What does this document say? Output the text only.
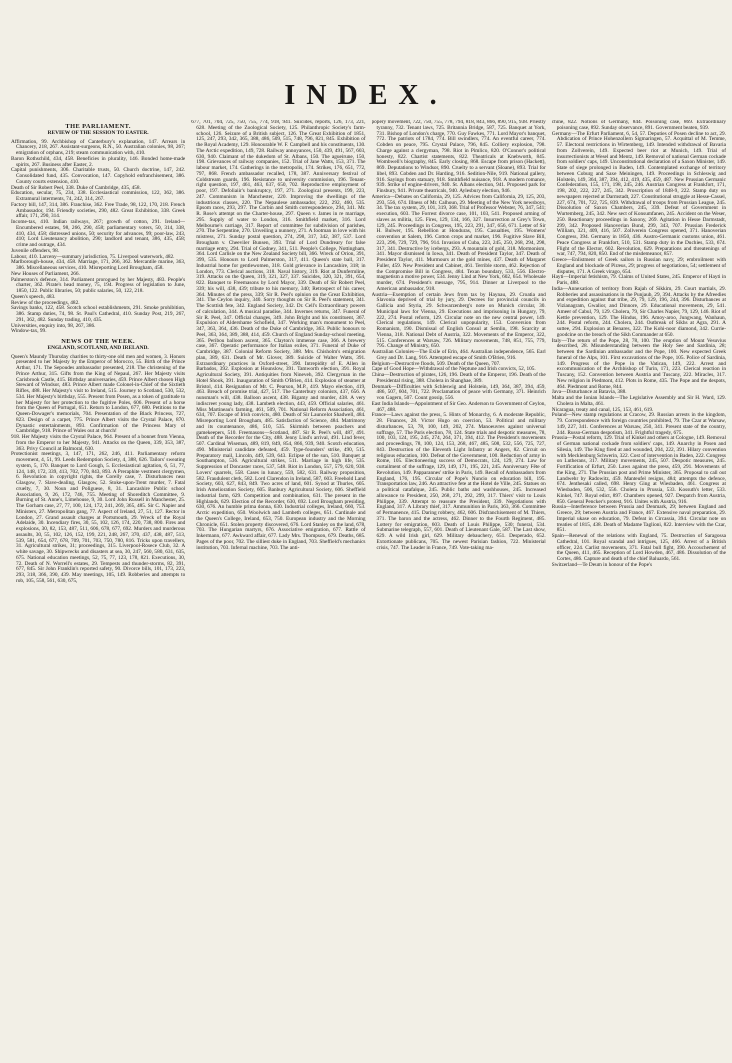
INDEX.
THE PARLIAMENT.
REVIEW OF THE SESSION TO EASTER.

Affirmation, 99. Archbishop of Canterbury's explanation, 147. Arrears in Chancery, 218, 267. Assistant-surgeons, R.N., 50. Australian colonies, 98, 267; emigration of orphans, 219; steam communication with, 410.

Baron Rothschild, 434, 458. Beneficies in plurality, 146. Bonded home-made spirits, 267. Business after Easter, 2.

Capital punishments, 306. Charitable trusts, 50. Church doctrine, 147, 242. Consolidated fund, 435. Convocation, 147. Copyhold enfranchisement, 386. County courts extension, 410.

Death of Sir Robert Peel, 338. Duke of Cambridge, 435, 458.

Education, secular, 75, 234, 338. Ecclesiastical commission, 122, 362, 386. Extramural interments, 74, 242, 314, 267.

Factory bill, 147, 314, 386. Franchise, 362. Free Trade, 98, 122, 170, 218. French Ambassador, 194. Friendly societies, 290, 482. Great Exhibition, 338. Greek affair, 171, 290, 314.

Income-tax, 410. Indian railways, 267; growth of cotton, 291. Ireland—Encumbered estates, 98, 266, 290, 458; parliamentary voters, 50, 314, 338, 410, 434, 458; distressed unions, 50; security for advances, 99; poor-law, 243, 410; Lord Lieutenancy abolition, 290; landlord and tenant, 386, 435, 458; crime and outrage, 434.

Juvenile offenders, 98.

Labour, 410. Larceny—summary jurisdiction, 75. Liverpool waterwork, 482.

Marlborough-house, 434, 458. Marriage, 171, 266, 362. Mercantile marine, 363, 386. Miscellaneous services, 410. Misreporting Lord Brougham, 458.

New Houses of Parliament, 266.

Palmerston's defence, 314. Parliament prorogued by her Majesty, 483. People's charter, 362. Pirate's head money, 75, 194. Progress of legislation to June, 1850, 122. Public libraries, 50; public salaries, 50, 122, 218.

Queen's speech, 483.

Review of the proceedings, 482.

Savings banks, 122, 458. Scotch school establishments, 291. Smoke prohibition, 386. Stamp duties, 74, 98. St. Paul's Cathedral, 410. Sunday Post, 219, 267, 291, 362, 482. Sunday trading, 410, 435.

Universities, enquiry into, 98, 267, 386.

Window-tax, 99.

NEWS OF THE WEEK.
ENGLAND, SCOTLAND, AND IRELAND.

Queen's Maundy Thursday charities to thirty-one old men and women, 3. Honors presented to her Majesty by the Emperor of Morocco, 55. Birth of the Prince Arthur, 171. The Sepoudes ambassador presented, 218. The christening of the Prince Arthur, 315. Gifts from the King of Nepaul, 267. Her Majesty visits Carisbrook Castle, 415. Birthday anniversaries, 459. Prince Albert chosen High Steward of Windsor, 483. Prince Albert made Colonel-in-Chief of the Sixtieth Rifles, 488. Her Majesty's visit to Ireland, 515. Journey to Scotland, 530, 532, 534. Her Majesty's birthday, 555. Present from Posen, as a token of gratitude to her Majesty for her protection to the fugitive Poles, 606. Present of a horse from the Queen of Portugal, 651. Return to London, 677, 680. Petitions to the Queen-Dowager's memorials, 704. Presentation of the Black Princess, 727, 823. Design of a carpet, 775. Prince Albert visits the Crystal Palace, 870. Dynastic entertainments, 893. Confirmation of the Princess Mary of Cambridge, 918. Prince of Wales out at church!

918. Her Majesty visits the Crystal Palace, 964. Present of a bonnet from Vienna, from the Emperor to her Majesty, 941. Attacks on the Queen, 339, 353, 387, 363. Privy Council at Balmoral, 630.

Protectionist meetings, 3, 147, 171, 262, 246, 411. Parliamentary reform movement, 4, 51, 99. Leeds Redemption Society, 4, 388, 626. Tailors' sweating system, 5, 170. Banquet to Lord Gough, 5. Ecclesiastical agitation, 6, 51, 77, 124, 148, 172, 339, 413, 702, 770, 843, 893. A Preraphite vestment clergymen, 6. Revolution in copyright rights, the Corelly case, 7. Disturbances near Glasgow, 7. Slave-dealing, Glasgow, 52. Stoke-upon-Trent murder, 7. Fatal cruelty, 7, 30. Noun and Poliguese, 8, 31. Lancashire Public school Association, 9, 26, 172, 746, 755. Meeting of Shoreditch Committee, 9. Burning of St. Anne's, Limehouse, 9, 30. Lord John Russell in Manchester, 25. The Gorham case, 27, 77, 100, 124, 172, 241, 269, 365, 485. Sir C. Napier and Ministers, 27. Metropolitan gang, 77. Aspect of Ireland, 27, 51, 127. Rector in London, 27. Grand assault charges at Portsmouth, 29. Wreck of the Royal Adelaide, 30. Incendiary fires, 30, 55, 102, 126, 174, 220, 738, 800. Fires and explosions, 30, 82, 153, 487, 511, 606, 678, 677, 692. Murders and murderous assaults, 30, 55, 102, 126, 152, 199, 221, 248, 267, 370, 437, 438, 487, 513, 539, 581, 654, 677, 678, 709, 701, 703, 750, 780, 816. Tricks upon travellers, 31. Agricultural strikes, 31; proceedings, 315. Liverpool-Rosece Club, 32. A white savage, 30. Shipwrecks and disasters at sea, 30, 247, 560, 580, 631, 635, 675. National education meetings, 52, 75, 77, 123, 178, 821. Executions, 30, 72. Death of N. Worrell's estates, 29. Tempests and thunder-storms, 82, 391, 677, 845. Sir John Franklin's reported safety, 90. Divorce bills, 101, 173, 223, 293, 318, 366, 390, 439. May meetings, 105, 149. Robberies and attempts to rob, 105, 558, 561, 630, 675,

677, 701, 704, 725, 750, 755, 774, 918, 941. Suicides, reports, 126, 173, 221, 628. Meeting of the Zoological Society, 125. Philanthropic Society's farm-school, 126. Seizure of a British subject, 126. The Great Exhibition of 1851, 125, 247, 293, 342, 365, 388, 486, 509, 515, 748, 796, 821, 845. Exhibition of the Royal Academy, 129. Honourable W. F. Campbell and his constituents, 130. The Arctic expedition, 149, 728. Railway annoyances, 150, 439, 491, 567, 603, 630, 940. Claimant of the dukedom of St. Albans, 150. The agueirune, 150, 198. Grievances of railway companies, 152. Trial of Jane Watts, 153, 371. The labour market, 174. Gatherings in the metropolis, 174. Strikes, 176, 651, 772, 797, 868. French ambassador recalled, 178, 387. Anniversary festival of Coldstream guards, 196. Resistance to university commission, 196. Tenant-right question, 197, 461, 463, 637, 650, 702. Reproductive employment of poor, 197. Defoliaiir's bankruptcy, 197, 271. Zoological presents, 199, 223, 247. Communism in Manchester, 220. Improving the dwellings of the industrious classes, 220. The Nepaulese ambassador, 222, 292, 460, 535. Epsom races, 293, 297. The Corbin and Smith correspondence, 294, 341. Mr. R. Rose's attempt on the Charter-house, 297. Queen v. James in re marriage, 295. Supply of water to London, 316. Smithfield market, 316. Lord Melbourne's carriage, 317. Report of committee for subdivision of parishes, 270. The Serpentine, 270. Unveiling a nunnery, 271. A footman in love with his mistress, 271. Sunday postal question, 274, 298, 317, 342, 387, 537. Lord Brougham v. Cheeviler Bunsen, 393. Trial of Lord Dundreary for false marriage entry, 294. Trial of Godney, 341, 511. People's College, Nottingham, 364. Lord Carlisle on the New Zealand Society bill, 366. Wreck of Orion, 391, 399, 535. Honours to Lord Palmerston, 317, 411. Queen's state ball, 317. Industrial home for gentlewomen, 318. Gold grievance in Lancashire, 318; in London, 773. Clerical auctions, 318. Naval history, 319. Riot at Dunfermline, 319. Attacks on the Queen, 319, 321, 327, 337. Suicides, 320, 321, 391, 654, 822. Banquet to Freemasons by Lord Mayor, 339. Death of Sir Robert Peel, 339; his will, 438, 439; tribute to his memory, 340; Retrospect of his career, 364. Minutes of the press, 339; Sir R. Peel's opinion on the Great Exhibition, 341. The Ceylon inquiry, 340. Sorry thoughts on Sir R. Peel's statement, 341. The Scottish fete, 342. England Society, 342. Dr. Cell's Extraordinary powers of calculation, 344. A musical paradise, 344. Invernes returns, 347. Funeral of Sir R. Peel, 347. Official changes, 349. John Bright and his constituent, 367. Expulsion of Aldershame Schofield, 347. Working man's monument to Peel, 347, 363, 364, 436. Death of the Duke of Cambridge, 363. Public honours to Peel, 363, 364, 389, 388, 414, 459. Church of England Sunday-school meeting, 365. Peribou balloon ascent, 365. Clayton's immense case, 366. A brewery case, 367. Operatic performance for Italian exiles, 371. Funeral of Duke of Cambridge, 387. Colonial Reform Society, 388. Mrs. Chisholm's emigration plan, 389, 631. Death of Mr. Glover, 389. Suicide of Walter Watts, 391. Extraordinary practices in Oxford-street, 390. Intrepidity of E. Allen in Barbados, 392. Explosion at Hounslow, 391. Tamworth election, 391. Royal Agricultural Society, 391. Antiquities from Nineveh, 392. Clergyman in the Hotel Shook, 391. Inauguration of Smith O'Brien, 414. Explosion of steamer at Bristol, 414. Resignation of Mr. C. Pearson, M.P., 419. Mayo election, 419, 463. Breach of promise trial, 427, 517. The Canterbury colonists, 437, 656. A nunsman's will, 438. Balloon ascent, 438. Bigamy and murder, 438. A very indiscreet young lady, 438. Lambeth election, 443, 459. Official salaries, 461. Miss Martineau's farming, 461, 509, 701. National Reform Association, 461, 634, 707. Escape of Irish convicts, 480. Death of Sir Launcelot Shadwell, 484. Misreporting Lord Brougham, 485. Satisfaction of Science, 484. Matrimony and its countenance, 486, 510, 535. Skirmish between poachers and gamekeepers, 510. Freemasons—Scotland, 487. Sir R. Peel's will, 487, 491. Death of the Recorder for the City, 488. Jenny Lind's arrival, 491. Lind fever, 507. Cardinal Wiseman, 489, 819, 849, 854, 866, 939, 940. Scotch education, 490. Ministerial candidate defeated, 459. Type-founders' strike, 490, 515. Preparatory mail, Lincoln, 449, 539, 643. Eclipse of the sun, 510. Banquet at Southampton, 536. Agricultural strikes, 511. Marriage in high life, 535. Suppression of Doncaster races, 537, 548. Riot in London, 557, 579, 620, 938. Lovers' quarrels, 558. Cases in lunacy, 559, 582, 631. Railway proposition, 582. Fraudulent clerk, 582. Lord Clarendon in Ireland, 587, 603. Freehold Land Society, 603, 627, 843, 849. Two acres of land, 601. Synod at Thurles, 605. Irish Amelioration Society, 605. Banbury Agricultural Society, 606. Sheffield industrial farm, 629. Competition and combination, 631. The present in the Highlands, 629. Election of the Recorder, 630, 692. Lord Brougham presiding, 630, 676. An humble prima donna, 630. Industrial colleges, Ireland, 660, 753. Arctic expedition, 650. Woolwich and Lambeth colleges, 651. Cardinale and the Queen's College, Ireland, 653, 750. European industry and the Morning Chronicle, 651. Stolen property discovered, 676. Lord Stanley on the land, 678, 703. The Hungarian martyrs, 676. Associative emigration, 677. Rattle of Inkermann, 677. Awkward affair, 677. Lady Mrs. Thompson, 679. Deaths, 685. Pages of the poor, 702. The silliest duke in England, 703. Sheffield's mechanics institution, 703. Infernal machine, 703. The anti-

popery movement, 722, 750, 755, 778, 794, 818, 843, 866, 890, 915, 938. Priestly tyranny, 732. Tenant laws, 725. Britannia Bridge, 587, 725. Banquet at York, 731. Bishop of London's charge, 770. Guy Fawkes, 771. Lord Mayor's banquet, 772. The patriots of 1784, 774. Bill swindlers, 774. An eventful career, 774. Cobden on peace, 795. Crystal Palace, 796, 845. Colliery explosion, 798. Charge against a clergyman, 798. Riot in Pimlico, 820. O'Connor's political honesty, 822. Chartist statements, 822. Theatricals at Knebworth, 845. Wombwell's biography, 845. Early closing, 868. Escape from prison (Hackett), 869. Deputations to Windsor, 890. Cruelty to a servant (Sloane), 893. Trial for libel, 893. Cobden and Dr. Harding, 916. Sedition-Nile, 919. National gallery, 916. Sayings from statuary, 918. Smithfield nuisance, 918. A modern romance, 939. Strike of engine-drivers, 940. St. Albans election, 941. Proposed park for Finsbury, 941. Private theatricals, 940. Aylesbury election, 946.

America—Debates on California, 29, 125. Advices from California, 29, 125, 203, 293, 556, 674. Illness of Mr. Calhoun, 29. Meeting of the New York newsboys, 34. The tax system, 29, 101, 319, 368. Trial of Professor Webster, 76, 347, 541; execution, 603. The Forrest divorce case, 101, 103, 541. Proposed arming of slaves as militia, 125. Fires, 129, 134, 166, 327. Insurrection at Grey's Town, 129, 245. Proceedings in Congress, 195, 223, 291, 347, 656, 671. Letter of Sir H. Bulwer, 195. Rebellion at Honduras, 195. Casualties, 195. Womens' convention at Salem, 196. Cotton crops and market, 196. Fugitive Slave Bill, 223, 296, 729, 729, 796, 914. Invasion of Cuba, 223, 245, 250, 268, 294, 298, 317, 341. Destructive by icebergs, 293. A mountain of gold, 318. Mormonism, 341. Mayor dismissed in Iowa, 341. Death of President Taylor, 347. Death of President Taylor, 411. Murmours at the gold mines, 437. Death of Margaret Fuller, 459. New President and Cabinet, 461. Terrible storm, 462. Rejection of the Compromise Bill in Congress, 484. Texan boundary, 533, 556. Electro-magnetism a motive power, 534. Jenny Lind at New York, 602, 654. Wholesale murder, 674. President's message, 795, 914. Dinner at Liverpool to the American ambassador, 918.

Austria—Exemption of certain Jews from tax by Haynau, 29. Croatia and Slavonia deprived of trial by jury, 29. Decrees for provincial councils in Gallicia and Styria, 29. Schwarzenberg's note on Munich circular, 30. Municipal laws for Vienna, 29. Executions and imprisoning in Hungary, 79, 222, 274. Postal reform, 129. Circular note on the new central power, 149. Clerical regulations, 149. Clerical unpopularity, 153. Conversion from Romanism, 190. Dismissal of English Consul at Semlin, 198. Scarcity at Vienna, 318. National Debt of Austria, 322. Movements of the Emperor, 322, 515. Conferences at Warsaw, 726. Military movements, 748, 851, 755, 779, 795. Change of Ministry, 650.

Australian Colonies—The Exile of Erin, 464. Australian independence, 565. Earl Grey and Dr. Lang, 916. Attempted escape of Smith O'Brien, 916.

Belgium—Destructive floods, 509. Death of the Queen, 707.

Cape of Good Hope—Withdrawal of the Neptune and Irish convicts, 52, 105.

China—Destruction of pirates, 126, 196. Death of the Emperor, 196. Death of the Presidental rising, 388. Cholera in Shanghae, 389.

Denmark—Difficulties with Schleswig and Holstein, 149, 364, 387, 394, 459, 486, 507, 604, 701, 722. Proclamation of peace with Germany, 371. Heinrich von Gagern, 507. Count gossip, 556.

East India Islands—Appointment of Sir Geo. Anderson to Government of Ceylon, 467, 488.

France—Laws against the press, 5. Hints of Monarchy, 6. A moderate Republic, 28. Finances, 28. Victor Hugo on coercion, 53. Political and military disturbances, 53, 78, 100, 149, 202, 274. Manoeuvres against universal suffrage, 57. The Paris election, 78, 124. State trials and despotic measures, 78, 100, 103, 124, 195, 245, 274, 264, 371, 394, 412. The President's movements and proceedings, 78, 100, 124, 153, 268, 467, 485, 508, 532, 556, 725, 727, 843. Destruction of the Eleventh Light Infantry at Angers, 82. Circuit on religious education, 100. Defeat of the Government, 100. Reduction of army in Rome, 105. Electioneering success of Democrats, 124, 129, 274. Law for curtailment of the suffrage, 129, 149, 171, 195, 221, 245. Anniversary Fête of Revolution, 149. Papparannes' strike in Paris, 149. Recall of Ambassadors from England, 176, 195. Circular of Pope's Nuncio on education bill, 195. Transportation law, 246. An attractive fete at the Hotel de Ville, 245. Statues on a political catafalque, 245. Public baths and washhouses, 245. Increased allowance to President, 250, 268, 271, 292, 299, 317. Thiers' visit to Louis Philippe, 339. Attempt to reassure the President, 339. Negotiations with England, 317. A Library thief, 317. Ammunition in Paris, 363, 366. Committee of Permanence, 415. Daring robbery, 462, 606. Disfranchisement of M. Thiers, 371. The baron and the actress, 462. Dinner to the Fourth Regiment, 485. Lottery for emigration, 603. Death of Louis Philippe, 530; funeral, 534. Submarine telegraph, 557, 601. Death of Lieutenant Gale, 587. The Last show, 629. A wild Irish girl, 629. Military debauchery, 651. Desperado, 652. Extortionate publicans, 705. The newest Parisian fashion, 722. Ministerial crisis, 747. The Leader in France, 749. Vote-taking ma-

chine, 822. Notions of Germany, 844. Poisoning case, 869. Extraordinary poisoning case, 892. Sunday observance, 891. Government beaten, 939.

Germany—The Erfurt Parliament, 6, 54, 57. Deputies of Posen decline to act, 29. Abdication of Prince Hohenzollern Sigmaringen, 57. Acquittal of M. Temme, 57. Electoral restrictions in Wirtemberg, 149. Intended withdrawal of Bavaria from Zollverein, 149. Expected beer riot at Munich, 149. Trial of insurrectionists at Wesel and Mentz, 149. Removal of national German cockade from soldiers' caps, 149. Unconstitutional declaration of a Saxon Minister, 149. State of siege prolonged in Baden, 149. Contemplated exchange of territory between Coburg and Saxe Meiningen, 149. Proceedings in Schleswig and Holstein, 149, 364, 387, 394, 412, 419, 435, 459, 487. New Prussian Germanic Confederation, 155, 171, 198, 245, 246. Austrian Congress at Frankfort, 171, 198, 202, 222, 227, 245, 342. Proscription of 1848-9, 222. Stamp duty on newspapers rejected at Darmstadt, 227. Constitutional struggle at Hesse-Cassel, 227, 674, 701, 722, 725, 839. Withdrawal of troops from Prussian League, 245. Dissolution of Saxon Chambers, 245, 339. Defeat of Government in Wurtemberg, 245, 342. New sect of Konsumfanen, 245. Accident on the Weser, 250. Reactionary proceedings in Saxony, 269. Agitation in Hesse Darmstadt, 299, 342. Proposed Hanoverian Bund, 299, 343, 707. Prussian Frederick William, 321, 409, 416, 507. Zollverein Congress opened, 371. Hanoverian Congress, 394. Germany in 1850, 436. Austro-Germanic customs union, 461. Peace Congress at Frankfort, 510, 531. Stamp duty in the Duchies, 533, 674. Flight of the Elector, 602. Revolution, 629. Preparations and threatenings of war, 747, 794, 820, 850. End of the misdemeanor, 857.

Greece—Enlistment of Greek sailors in Russian navy, 29; embroilment with England and blockade of Piræus, 29; progress of negotiations, 54; settlement of disputes, 171. A Greek virago, 654.

Hayti—Imperial fetishism, 79. Claims of United States, 245. Emperor of Hayti in Paris, 488.

India—Annexation of territory from Rajah of Sikkim, 29. Court martials, 29. Robberies and assassinations in the Punjaub, 29, 394. Attacks by the Afreedies and expedition against that tribe, 29, 79, 129, 196, 244, 396. Disturbances at Vizianagram, Gwalior, and Dinnore, 29. Educational movements, 29, 541. Ameer of Cabul, 79, 129. Cholera, 79, Sir Charles Napier, 79, 129, 146. Riot of Kettle prevention, 129. The Hindus, 196. Amoy-aroo, Jungwang, Wanhaun, 244. Postal reform, 244. Cholera, 244. Outbreak of Sikhs at Agra, 291. A suttee, 294. Explosion at Benares, 322. The Kohi-noor diamond, 342. Currie-goodcine on the breach of the Sikh Commander at 650.

Italy—The return of the Pope, 28, 78, 100. The eruption of Mount Vesuvius described, 28. Misunderstanding between the Holy See and Sardinia, 28; between the Sardinian ambassador and the Pope, 100. New expected Greek funeral of the Alps, 101. First excavations of the Pope, 105. Police of Sardinia, 149. Progress of the Pope in the Vatican, 149, 222. Arrest and excommunication of the Archbishop of Turin, 171, 223. Clerical reaction in Tuscany, 152. Convention between Austria and Tuscany, 222. Miracles, 317. New religion in Piedmont, 412. Plots in Rome, 435. The Pope and the despots, 464. Piedmont and Rome, 844.

Java—Disturbance at Batavia, 388.

Malta and the Ionian Islands—The Legislative Assembly and Sir H. Ward, 129. Cholera in Malta, 461.

Nicaragua, treaty and canal, 125, 153, 461, 619.

Poland—New stamp regulations at Cracow, 29. Russian arrests in the kingdom, 79. Correspondence with foreign countries prohibited, 79. The Czar at Warsaw, 149, 227, 341. Conferences at Warsaw, 250, 341. Present state of the country, 244. Russo-German despotism, 341. Frightful tragedy, 675.

Prussia—Postal reform, 129. Trial of Kinkel and others at Cologne, 149. Removal of German national cockade from soldiers' caps, 149. Anarchy in Posen and Silesia, 149. The King fired at and wounded, 204, 222, 391. Hilary convention with Mecklenburg Schwerin, 322. Cost of intervention in Baden, 222. Congress on Lutherans, 317. Military movements, 245, 507. Despotic measures, 245. Fortification of Erfurt, 250. Laws against the press, 459, 291. Movements of the King, 271. The Prussian post and Prime Minister, 365. Proposal to call out Landwehr by Radowitz, 459. Manteufel resigns, 484; attempts the defence, 674. Jenthesaki called, 698. Henry Ging at Wiesbaden, 461. Congress at Wiesbaden, 506, 532, 556. Cholera in Prussia, 533. Kossuth's letter, 533. Kinkel, 747. Royal edict, 897. Chambers opened, 927. Despatch from Austria, 850. General Pencker's protest, 916. Unites with Austria, 916.

Russia—Interference between Prussia and Denmark, 29; between England and Greece, 29; between Austria and France, 467. Extensive naval preparation, 29. Imperial ukase on education, 79. Defeat in Circassia, 394. Circular note on treaties of 1815, 438. Death of Madame Taglioni, 822. Interview with the Czar, 851.

Spain—Renewal of the relations with England, 75. Destruction of Saragossa Cathedral, 101. Royal scandal and intrigues, 125, 466. Arrest of a British officer, 224. Carlist movements, 371. Fatal bull fight, 390. Accouchement of the Queen, 411, 465. Reception of Lord Howden, 467, 486. Dissolution of the Cortes, 486. Capture and death of the chief Baluardo, 561.

Switzerland—Te Deum in honour of the Pope's
